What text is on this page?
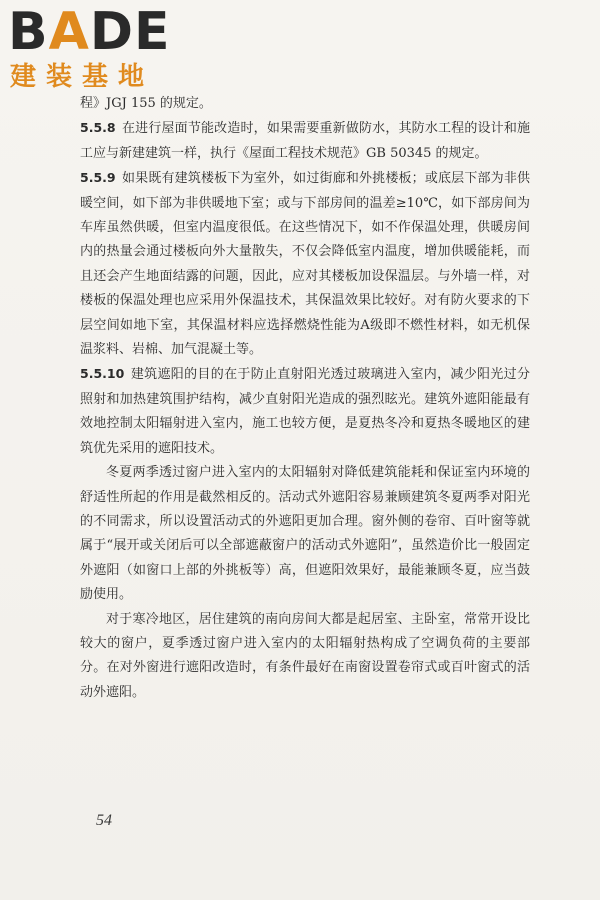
BADE
建装基地

程》JGJ 155 的规定。

5.5.8 在进行屋面节能改造时，如果需要重新做防水，其防水工程的设计和施工应与新建建筑一样，执行《屋面工程技术规范》GB 50345 的规定。

5.5.9 如果既有建筑楼板下为室外，如过街廊和外挑楼板；或底层下部为非供暖空间，如下部为非供暖地下室；或与下部房间的温差≥10℃，如下部房间为车库虽然供暖，但室内温度很低。在这些情况下，如不作保温处理，供暖房间内的热量会通过楼板向外大量散失，不仅会降低室内温度，增加供暖能耗，而且还会产生地面结露的问题，因此，应对其楼板加设保温层。与外墙一样，对楼板的保温处理也应采用外保温技术，其保温效果比较好。对有防火要求的下层空间如地下室，其保温材料应选择燃烧性能为A级即不燃性材料，如无机保温浆料、岩棉、加气混凝土等。

5.5.10 建筑遮阳的目的在于防止直射阳光透过玻璃进入室内，减少阳光过分照射和加热建筑围护结构，减少直射阳光造成的强烈眩光。建筑外遮阳能最有效地控制太阳辐射进入室内，施工也较方便，是夏热冬冷和夏热冬暖地区的建筑优先采用的遮阳技术。

冬夏两季透过窗户进入室内的太阳辐射对降低建筑能耗和保证室内环境的舒适性所起的作用是截然相反的。活动式外遮阳容易兼顾建筑冬夏两季对阳光的不同需求，所以设置活动式的外遮阳更加合理。窗外侧的卷帘、百叶窗等就属于“展开或关闭后可以全部遮蔽窗户的活动式外遮阳”，虽然造价比一般固定外遮阳（如窗口上部的外挑板等）高，但遮阳效果好，最能兼顾冬夏，应当鼓励使用。

对于寒冷地区，居住建筑的南向房间大都是起居室、主卧室，常常开设比较大的窗户，夏季透过窗户进入室内的太阳辐射热构成了空调负荷的主要部分。在对外窗进行遮阳改造时，有条件最好在南窗设置卷帘式或百叶窗式的活动外遮阳。

54
